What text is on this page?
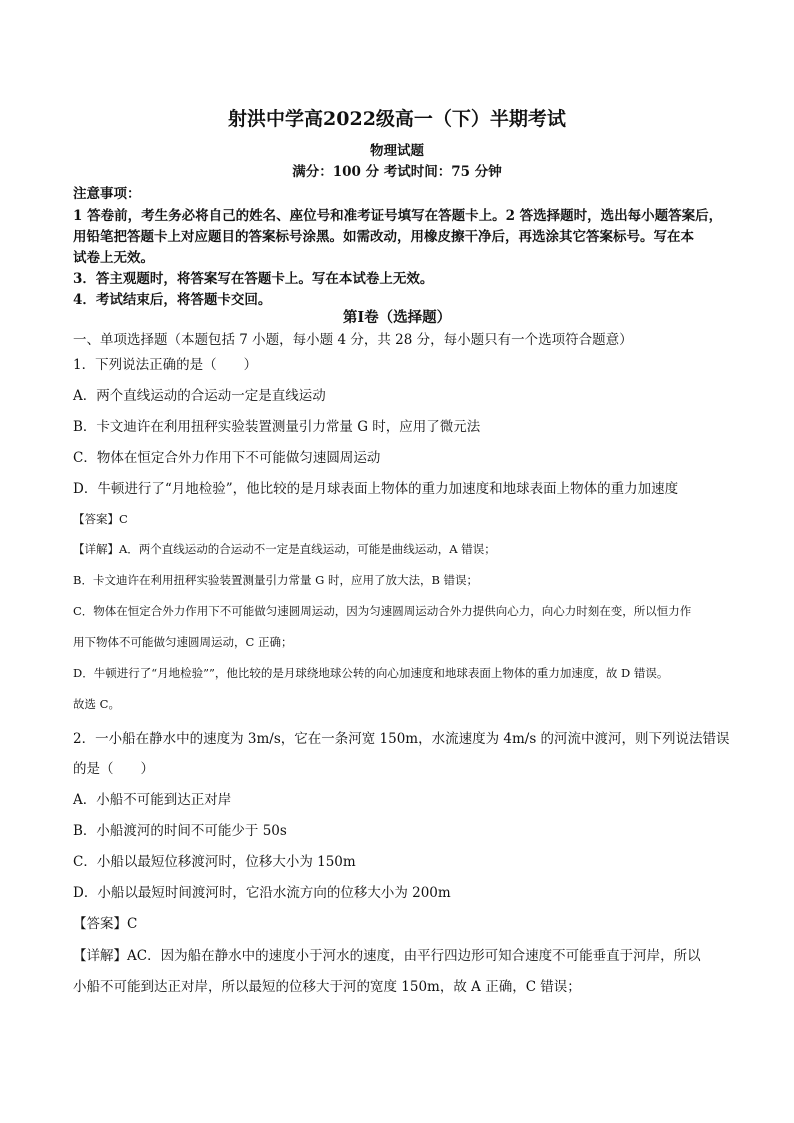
射洪中学高2022级高一（下）半期考试
物理试题
满分：100 分 考试时间：75 分钟
注意事项：
1 答卷前，考生务必将自己的姓名、座位号和准考证号填写在答题卡上。2 答选择题时，选出每小题答案后，
用铅笔把答题卡上对应题目的答案标号涂黑。如需改动，用橡皮擦干净后，再选涂其它答案标号。写在本
试卷上无效。
3．答主观题时，将答案写在答题卡上。写在本试卷上无效。
4．考试结束后，将答题卡交回。
第Ⅰ卷（选择题）
一、单项选择题（本题包括 7 小题，每小题 4 分，共 28 分，每小题只有一个选项符合题意）
1．下列说法正确的是（　　）
A．两个直线运动的合运动一定是直线运动
B．卡文迪许在利用扭秤实验装置测量引力常量 G 时，应用了微元法
C．物体在恒定合外力作用下不可能做匀速圆周运动
D．牛顿进行了“月地检验”，他比较的是月球表面上物体的重力加速度和地球表面上物体的重力加速度
【答案】C
【详解】A．两个直线运动的合运动不一定是直线运动，可能是曲线运动，A 错误；
B．卡文迪许在利用扭秤实验装置测量引力常量 G 时，应用了放大法，B 错误；
C．物体在恒定合外力作用下不可能做匀速圆周运动，因为匀速圆周运动合外力提供向心力，向心力时刻在变，所以恒力作
用下物体不可能做匀速圆周运动，C 正确；
D．牛顿进行了“月地检验””，他比较的是月球绕地球公转的向心加速度和地球表面上物体的重力加速度，故 D 错误。
故选 C。
2．一小船在静水中的速度为 3m/s，它在一条河宽 150m，水流速度为 4m/s 的河流中渡河，则下列说法错误
的是（　　）
A．小船不可能到达正对岸
B．小船渡河的时间不可能少于 50s
C．小船以最短位移渡河时，位移大小为 150m
D．小船以最短时间渡河时，它沿水流方向的位移大小为 200m
【答案】C
【详解】AC．因为船在静水中的速度小于河水的速度，由平行四边形可知合速度不可能垂直于河岸，所以
小船不可能到达正对岸，所以最短的位移大于河的宽度 150m，故 A 正确，C 错误；
